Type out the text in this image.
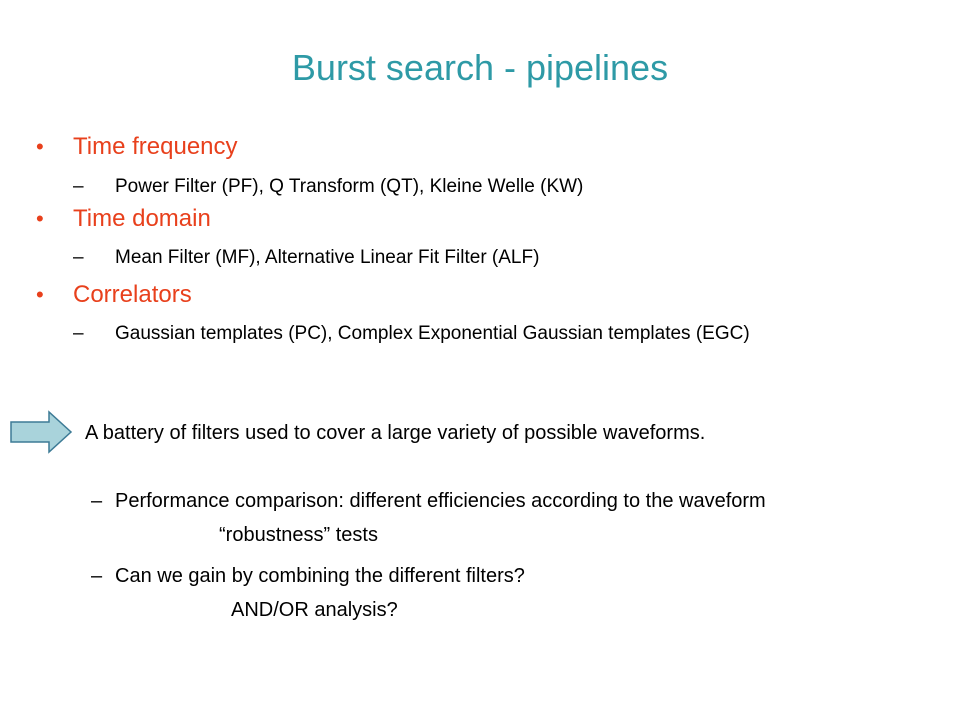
Burst search - pipelines
• Time frequency
– Power Filter (PF), Q Transform (QT), Kleine Welle (KW)
• Time domain
– Mean Filter (MF), Alternative Linear Fit Filter (ALF)
• Correlators
– Gaussian templates (PC), Complex Exponential Gaussian templates (EGC)
A battery of filters used to cover a large variety of possible waveforms.
– Performance comparison: different efficiencies according to the waveform
“robustness” tests
– Can we gain by combining the different filters?
AND/OR analysis?
